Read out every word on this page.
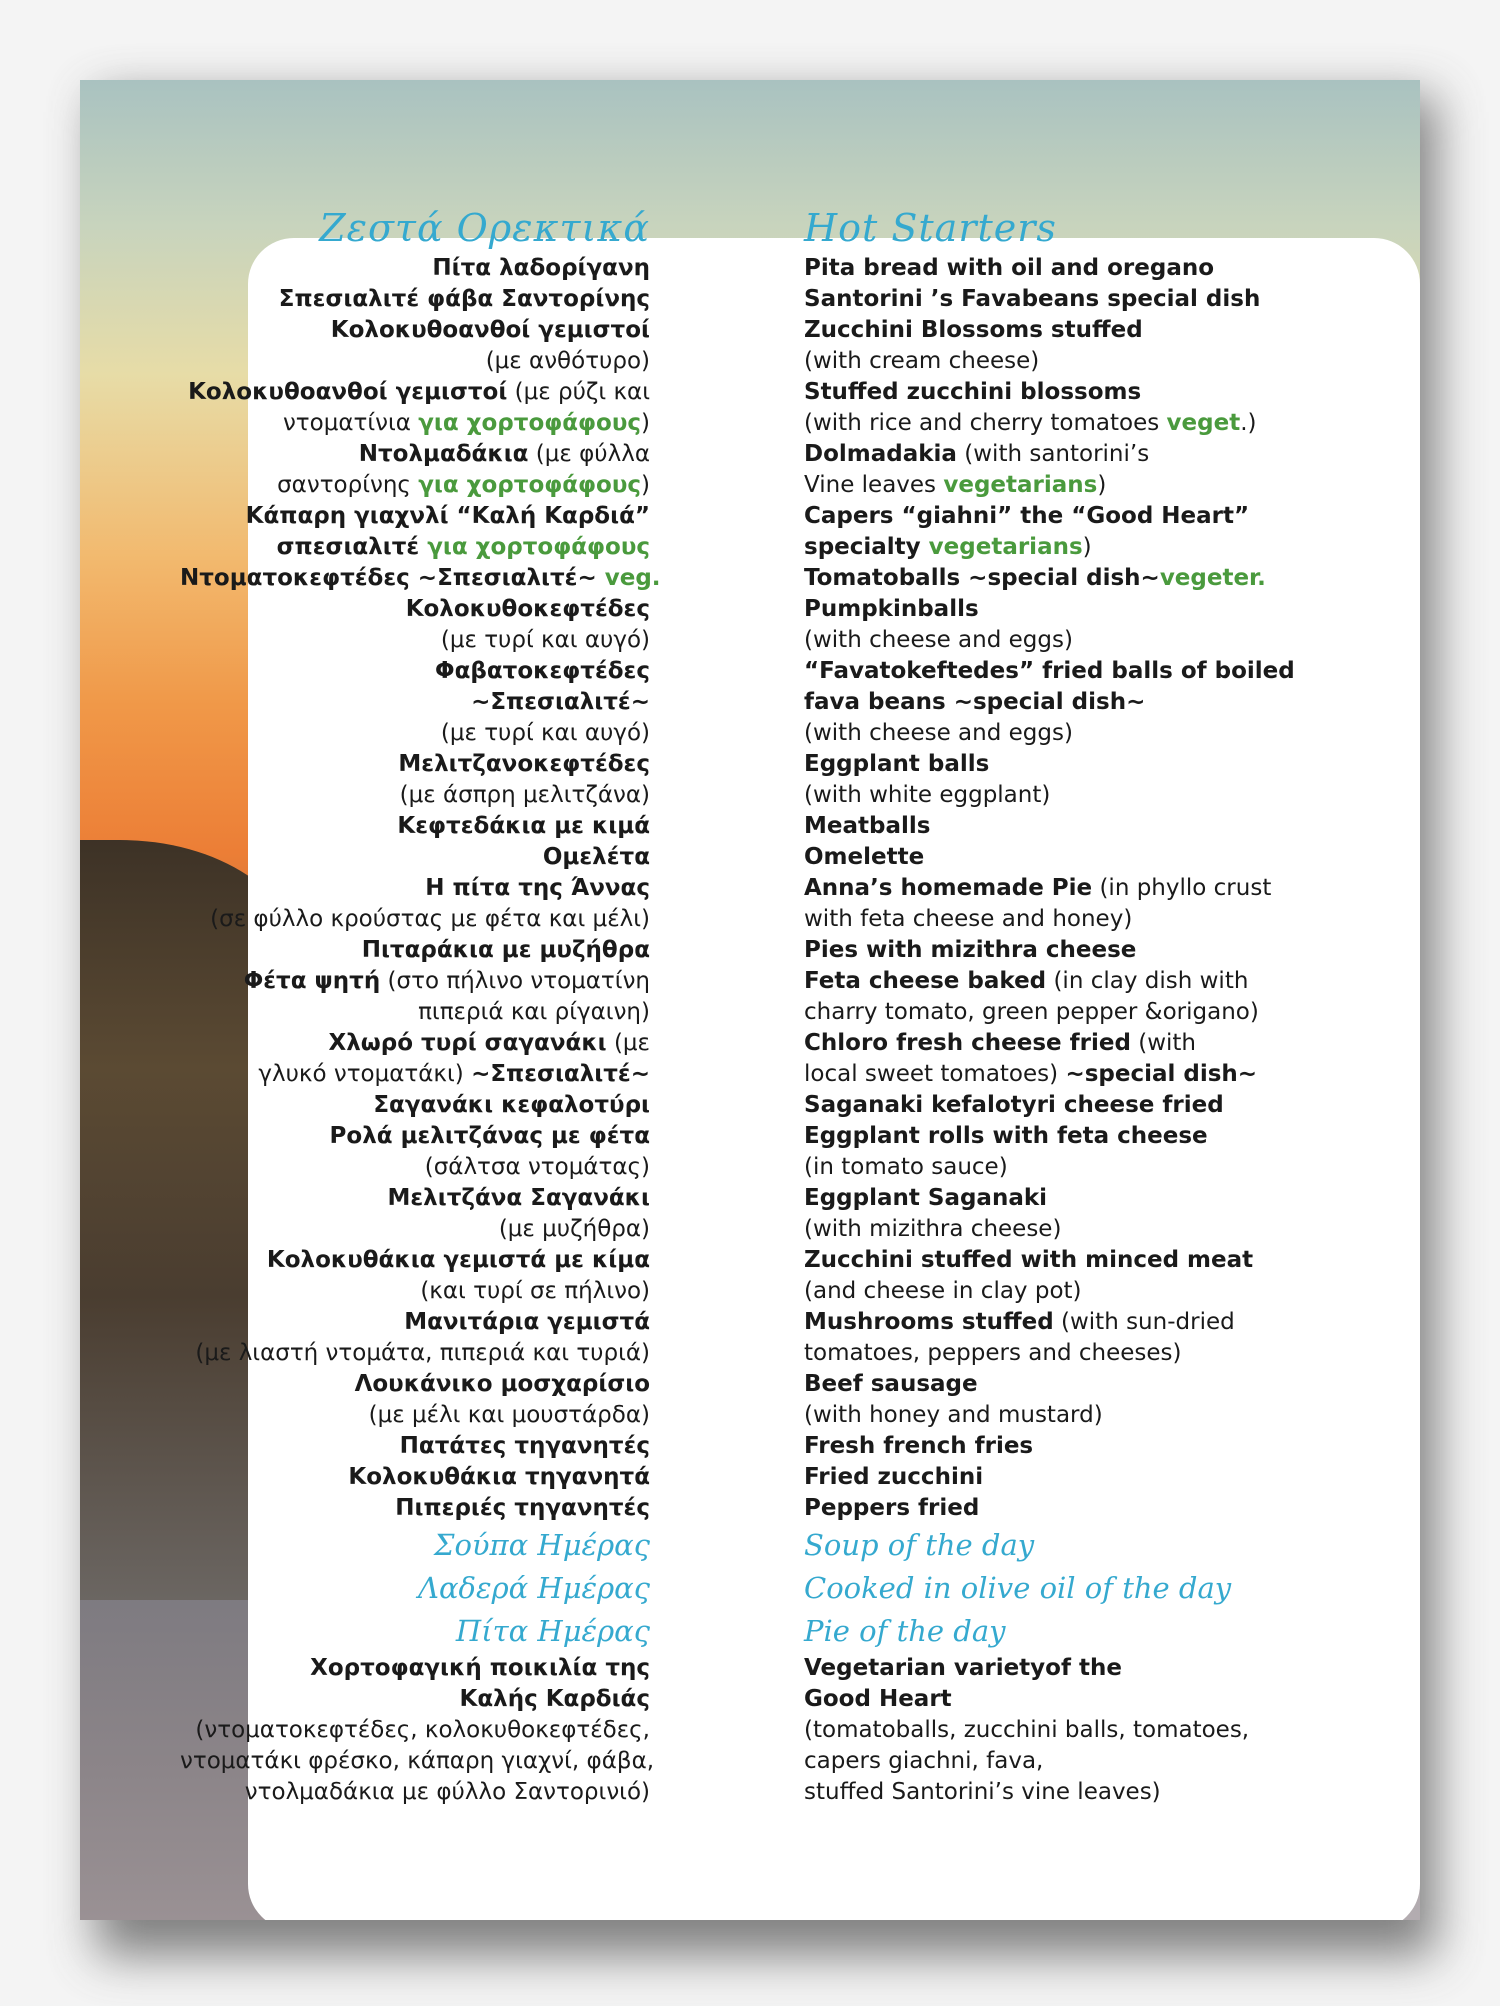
Ζεστά Ορεκτικά
Πίτα λαδορίγανη
Σπεσιαλιτέ φάβα Σαντορίνης
Κολοκυθοανθοί γεμιστοί
(με ανθότυρο)
Κολοκυθοανθοί γεμιστοί (με ρύζι και
ντοματίνια για χορτοφάφους)
Ντολμαδάκια (με φύλλα
σαντορίνης για χορτοφάφους)
Κάπαρη γιαχνλί “Καλή Καρδιά”
σπεσιαλιτέ για χορτοφάφους
Ντοματοκεφτέδες ~Σπεσιαλιτέ~ veg.
Κολοκυθοκεφτέδες
(με τυρί και αυγό)
Φαβατοκεφτέδες
~Σπεσιαλιτέ~
(με τυρί και αυγό)
Μελιτζανοκεφτέδες
(με άσπρη μελιτζάνα)
Κεφτεδάκια με κιμά
Ομελέτα
Η πίτα της Άννας
(σε φύλλο κρούστας με φέτα και μέλι)
Πιταράκια με μυζήθρα
Φέτα ψητή (στο πήλινο ντοματίνη
πιπεριά και ρίγαινη)
Χλωρό τυρί σαγανάκι (με
γλυκό ντοματάκι) ~Σπεσιαλιτέ~
Σαγανάκι κεφαλοτύρι
Ρολά μελιτζάνας με φέτα
(σάλτσα ντομάτας)
Μελιτζάνα Σαγανάκι
(με μυζήθρα)
Κολοκυθάκια γεμιστά με κίμα
(και τυρί σε πήλινο)
Μανιτάρια γεμιστά
(με λιαστή ντομάτα, πιπεριά και τυριά)
Λουκάνικο μοσχαρίσιο
(με μέλι και μουστάρδα)
Πατάτες τηγανητές
Κολοκυθάκια τηγανητά
Πιπεριές τηγανητές
Σούπα Ημέρας
Λαδερά Ημέρας
Πίτα Ημέρας
Χορτοφαγική ποικιλία της
Καλής Καρδιάς
(ντοματοκεφτέδες, κολοκυθοκεφτέδες,
ντοματάκι φρέσκο, κάπαρη γιαχνί, φάβα,
ντολμαδάκια με φύλλο Σαντορινιό)
Hot Starters
Pita bread with oil and oregano
Santorini ’s Favabeans special dish
Zucchini Blossoms stuffed
(with cream cheese)
Stuffed zucchini blossoms
(with rice and cherry tomatoes veget.)
Dolmadakia (with santorini’s
Vine leaves vegetarians)
Capers “giahni” the “Good Heart”
specialty vegetarians)
Tomatoballs ~special dish~vegeter.
Pumpkinballs
(with cheese and eggs)
“Favatokeftedes” fried balls of boiled
fava beans ~special dish~
(with cheese and eggs)
Eggplant balls
(with white eggplant)
Meatballs
Omelette
Anna’s homemade Pie (in phyllo crust
with feta cheese and honey)
Pies with mizithra cheese
Feta cheese baked (in clay dish with
charry tomato, green pepper &origano)
Chloro fresh cheese fried (with
local sweet tomatoes) ~special dish~
Saganaki kefalotyri cheese fried
Eggplant rolls with feta cheese
(in tomato sauce)
Eggplant Saganaki
(with mizithra cheese)
Zucchini stuffed with minced meat
(and cheese in clay pot)
Mushrooms stuffed (with sun-dried
tomatoes, peppers and cheeses)
Beef sausage
(with honey and mustard)
Fresh french fries
Fried zucchini
Peppers fried
Soup of the day
Cooked in olive oil of the day
Pie of the day
Vegetarian varietyof the
Good Heart
(tomatoballs, zucchini balls, tomatoes,
capers giachni, fava,
stuffed Santorini’s vine leaves)
